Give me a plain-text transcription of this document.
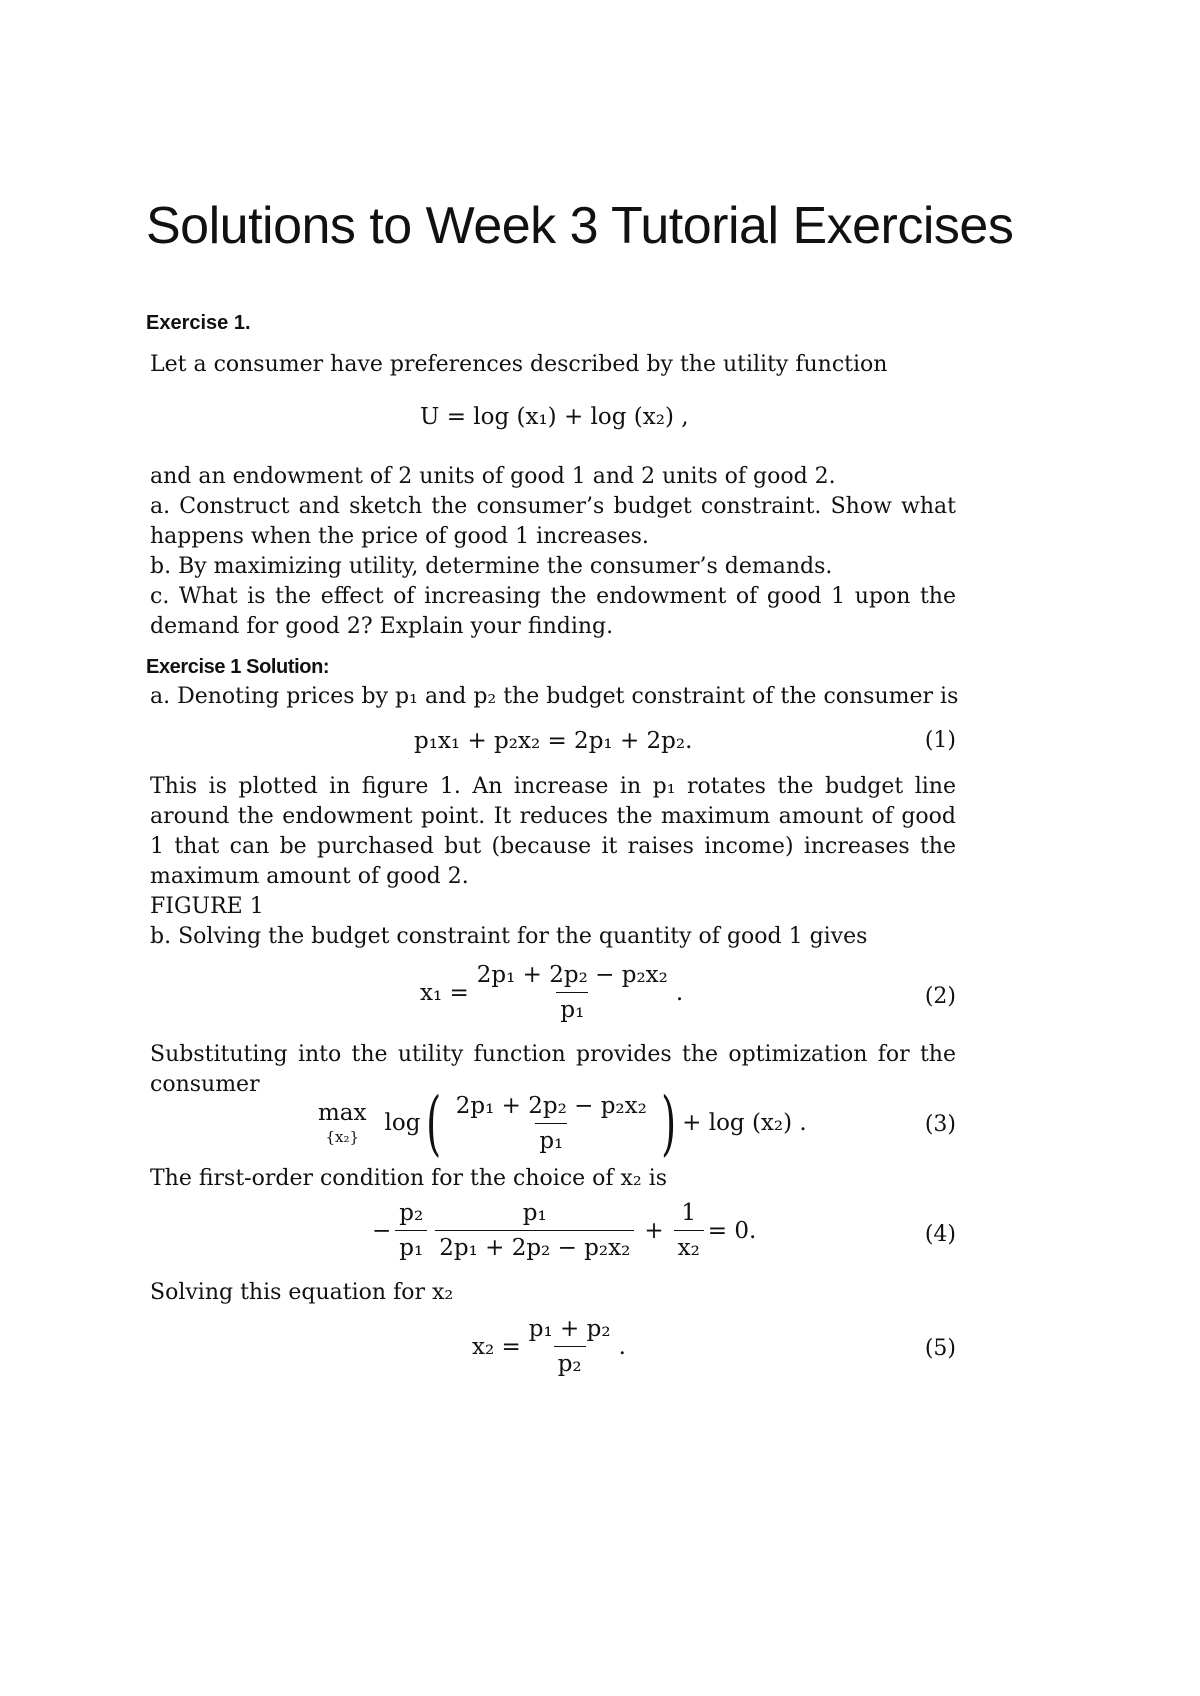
Solutions to Week 3 Tutorial Exercises
Exercise 1.
Let a consumer have preferences described by the utility function
U = log (x₁) + log (x₂) ,
and an endowment of 2 units of good 1 and 2 units of good 2.
a. Construct and sketch the consumer’s budget constraint. Show what happens when the price of good 1 increases.
b. By maximizing utility, determine the consumer’s demands.
c. What is the effect of increasing the endowment of good 1 upon the demand for good 2? Explain your finding.
Exercise 1 Solution:
a. Denoting prices by p₁ and p₂ the budget constraint of the consumer is
p₁x₁ + p₂x₂ = 2p₁ + 2p₂.	(1)
This is plotted in figure 1. An increase in p₁ rotates the budget line around the endowment point. It reduces the maximum amount of good 1 that can be purchased but (because it raises income) increases the maximum amount of good 2.
FIGURE 1
b. Solving the budget constraint for the quantity of good 1 gives
$x_1 = \frac{\text{2p₁ + 2p₂ − p₂x₂}}{\text{p₁}}$ .	(2)
Substituting into the utility function provides the optimization for the consumer
max
{x₂}
log ( $\frac{\text{2p₁ + 2p₂ − p₂x₂}}{\text{p₁}}$ ) + log (x₂) .	(3)
The first-order condition for the choice of x₂ is
− $\frac{\text{p₂}}{\text{p₁}} \frac{\text{p₁}}{\text{2p₁ + 2p₂ − p₂x₂}} + \frac{1}{\text{x₂}} = 0$.	(4)
Solving this equation for x₂
$x_2 = \frac{\text{p₁ + p₂}}{\text{p₂}}$ .	(5)
